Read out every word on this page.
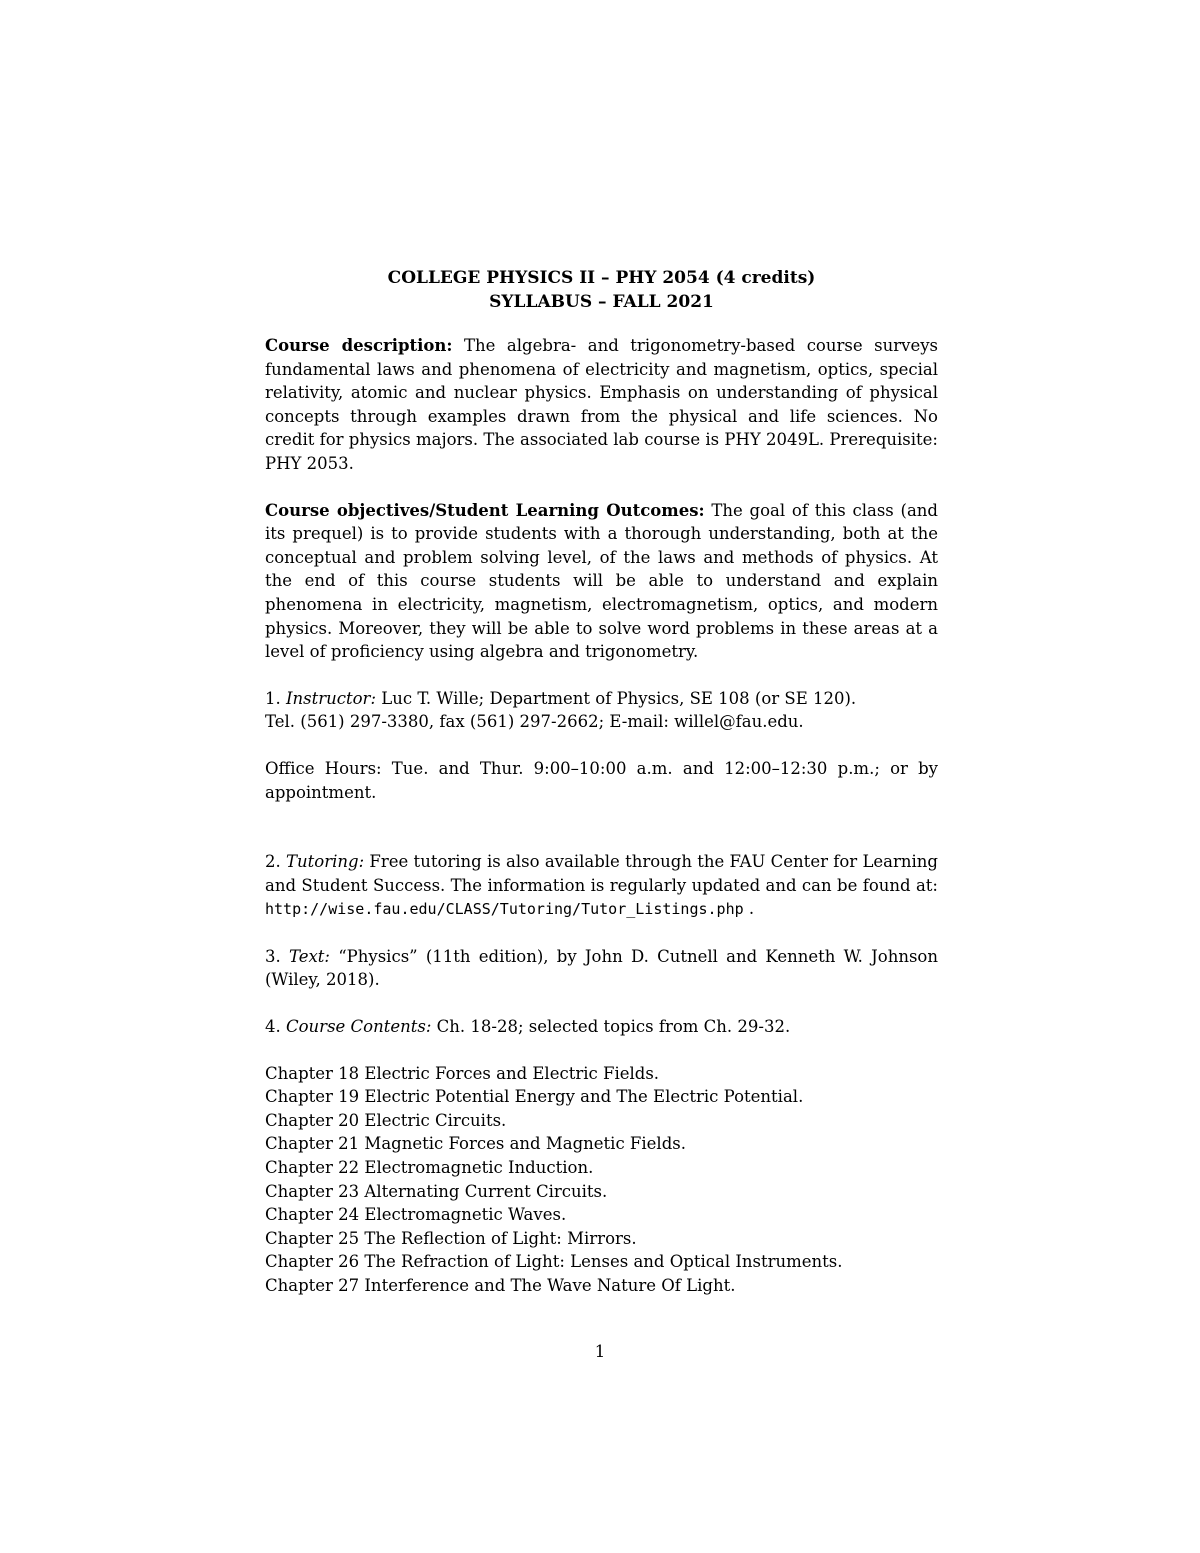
COLLEGE PHYSICS II – PHY 2054 (4 credits)

SYLLABUS – FALL 2021

Course description: The algebra- and trigonometry-based course surveys fundamental laws and phenomena of electricity and magnetism, optics, special relativity, atomic and nuclear physics. Emphasis on understanding of physical concepts through examples drawn from the physical and life sciences. No credit for physics majors. The associated lab course is PHY 2049L. Prerequisite: PHY 2053.

Course objectives/Student Learning Outcomes: The goal of this class (and its prequel) is to provide students with a thorough understanding, both at the conceptual and problem solving level, of the laws and methods of physics. At the end of this course students will be able to understand and explain phenomena in electricity, magnetism, electromagnetism, optics, and modern physics. Moreover, they will be able to solve word problems in these areas at a level of proficiency using algebra and trigonometry.

1. Instructor: Luc T. Wille; Department of Physics, SE 108 (or SE 120).

Tel. (561) 297-3380, fax (561) 297-2662; E-mail: willel@fau.edu.

Office Hours: Tue. and Thur. 9:00–10:00 a.m. and 12:00–12:30 p.m.; or by appointment.

2. Tutoring: Free tutoring is also available through the FAU Center for Learning and Student Success. The information is regularly updated and can be found at: http://wise.fau.edu/CLASS/Tutoring/Tutor_Listings.php .

3. Text: “Physics” (11th edition), by John D. Cutnell and Kenneth W. Johnson (Wiley, 2018).

4. Course Contents: Ch. 18-28; selected topics from Ch. 29-32.

Chapter 18 Electric Forces and Electric Fields.
Chapter 19 Electric Potential Energy and The Electric Potential.
Chapter 20 Electric Circuits.
Chapter 21 Magnetic Forces and Magnetic Fields.
Chapter 22 Electromagnetic Induction.
Chapter 23 Alternating Current Circuits.
Chapter 24 Electromagnetic Waves.
Chapter 25 The Reflection of Light: Mirrors.
Chapter 26 The Refraction of Light: Lenses and Optical Instruments.
Chapter 27 Interference and The Wave Nature Of Light.
1
